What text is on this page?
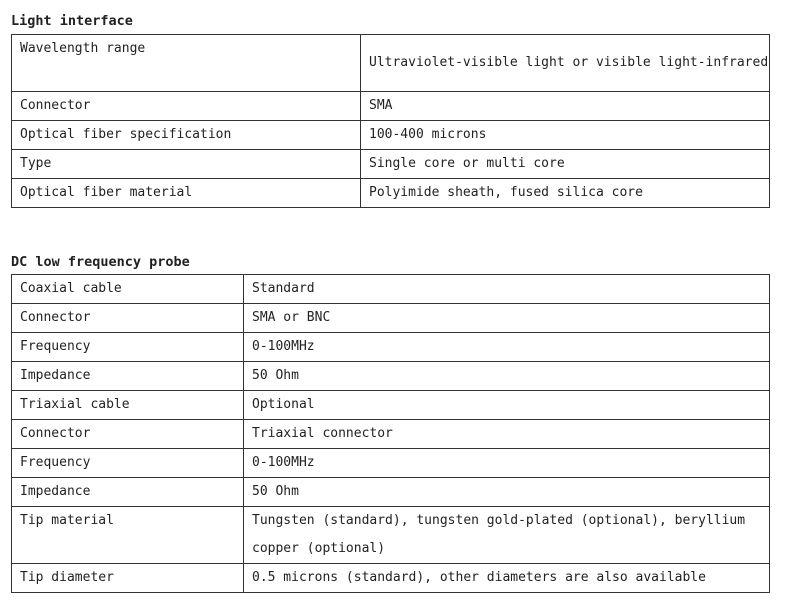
Light interface
Wavelength range	Ultraviolet-visible light or visible light-infrared
Connector	SMA
Optical fiber specification	100-400 microns
Type	Single core or multi core
Optical fiber material	Polyimide sheath, fused silica core
DC low frequency probe
Coaxial cable	Standard
Connector	SMA or BNC
Frequency	0-100MHz
Impedance	50 Ohm
Triaxial cable	Optional
Connector	Triaxial connector
Frequency	0-100MHz
Impedance	50 Ohm
Tip material	Tungsten (standard), tungsten gold-plated (optional), beryllium copper (optional)
Tip diameter	0.5 microns (standard), other diameters are also available
